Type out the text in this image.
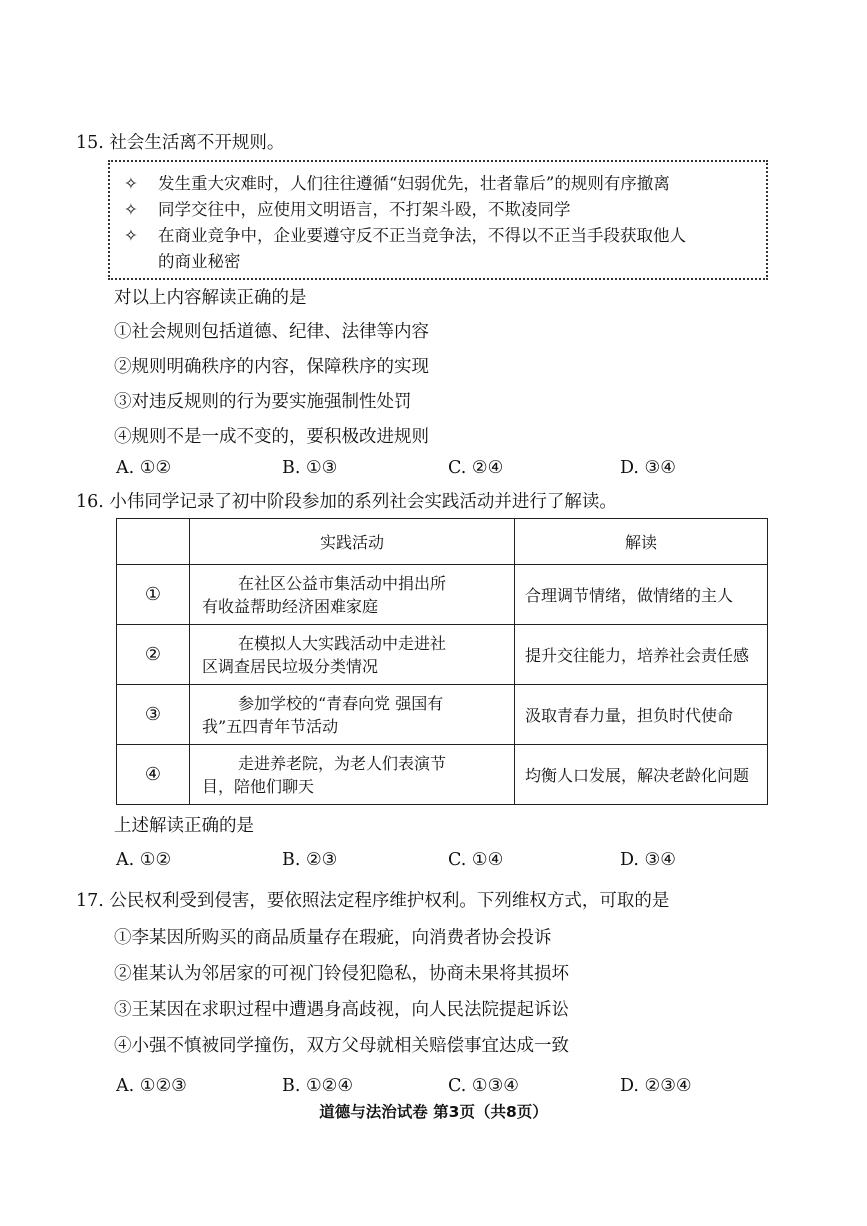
15. 社会生活离不开规则。
✧ 发生重大灾难时，人们往往遵循“妇弱优先，壮者靠后”的规则有序撤离
✧ 同学交往中，应使用文明语言，不打架斗殴，不欺凌同学
✧ 在商业竞争中，企业要遵守反不正当竞争法，不得以不正当手段获取他人
的商业秘密
对以上内容解读正确的是
①社会规则包括道德、纪律、法律等内容
②规则明确秩序的内容，保障秩序的实现
③对违反规则的行为要实施强制性处罚
④规则不是一成不变的，要积极改进规则
A. ①②	B. ①③	C. ②④	D. ③④
16. 小伟同学记录了初中阶段参加的系列社会实践活动并进行了解读。
	实践活动	解读
①	在社区公益市集活动中捐出所
有收益帮助经济困难家庭	合理调节情绪，做情绪的主人
②	在模拟人大实践活动中走进社
区调查居民垃圾分类情况	提升交往能力，培养社会责任感
③	参加学校的“青春向党 强国有
我”五四青年节活动	汲取青春力量，担负时代使命
④	走进养老院，为老人们表演节
目，陪他们聊天	均衡人口发展，解决老龄化问题
上述解读正确的是
A. ①②	B. ②③	C. ①④	D. ③④
17. 公民权利受到侵害，要依照法定程序维护权利。下列维权方式，可取的是
①李某因所购买的商品质量存在瑕疵，向消费者协会投诉
②崔某认为邻居家的可视门铃侵犯隐私，协商未果将其损坏
③王某因在求职过程中遭遇身高歧视，向人民法院提起诉讼
④小强不慎被同学撞伤，双方父母就相关赔偿事宜达成一致
A. ①②③	B. ①②④	C. ①③④	D. ②③④
道德与法治试卷 第3页（共8页）
